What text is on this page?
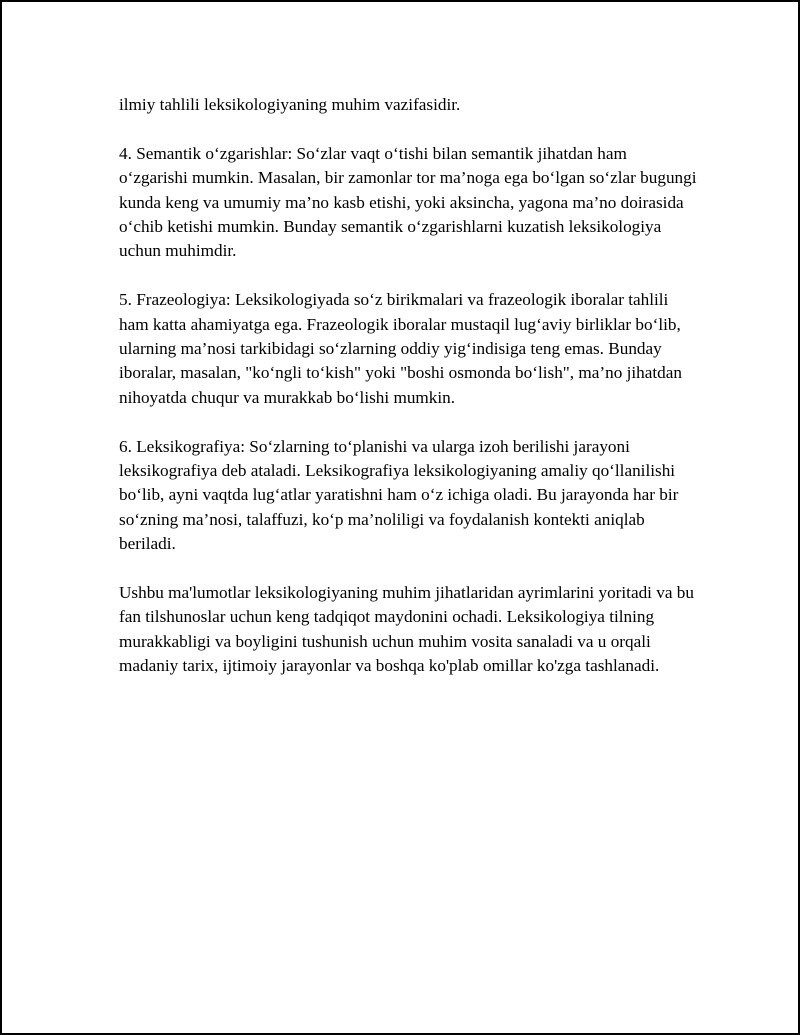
ilmiy tahlili leksikologiyaning muhim vazifasidir.

4. Semantik o‘zgarishlar: So‘zlar vaqt o‘tishi bilan semantik jihatdan ham o‘zgarishi mumkin. Masalan, bir zamonlar tor ma’noga ega bo‘lgan so‘zlar bugungi kunda keng va umumiy ma’no kasb etishi, yoki aksincha, yagona ma’no doirasida o‘chib ketishi mumkin. Bunday semantik o‘zgarishlarni kuzatish leksikologiya uchun muhimdir.

5. Frazeologiya: Leksikologiyada so‘z birikmalari va frazeologik iboralar tahlili ham katta ahamiyatga ega. Frazeologik iboralar mustaqil lug‘aviy birliklar bo‘lib, ularning ma’nosi tarkibidagi so‘zlarning oddiy yig‘indisiga teng emas. Bunday iboralar, masalan, "ko‘ngli to‘kish" yoki "boshi osmonda bo‘lish", ma’no jihatdan nihoyatda chuqur va murakkab bo‘lishi mumkin.

6. Leksikografiya: So‘zlarning to‘planishi va ularga izoh berilishi jarayoni leksikografiya deb ataladi. Leksikografiya leksikologiyaning amaliy qo‘llanilishi bo‘lib, ayni vaqtda lug‘atlar yaratishni ham o‘z ichiga oladi. Bu jarayonda har bir so‘zning ma’nosi, talaffuzi, ko‘p ma’noliligi va foydalanish kontekti aniqlab beriladi.

Ushbu ma'lumotlar leksikologiyaning muhim jihatlaridan ayrimlarini yoritadi va bu fan tilshunoslar uchun keng tadqiqot maydonini ochadi. Leksikologiya tilning murakkabligi va boyligini tushunish uchun muhim vosita sanaladi va u orqali madaniy tarix, ijtimoiy jarayonlar va boshqa ko'plab omillar ko'zga tashlanadi.
